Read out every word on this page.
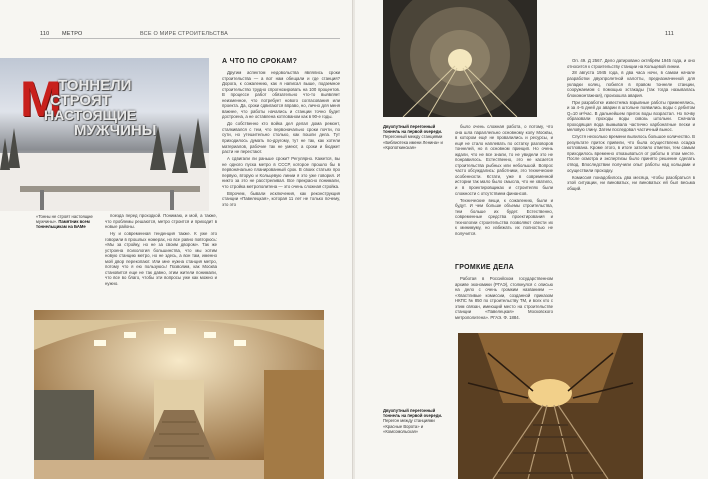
110 МЕТРО	ВСЕ О МИРЕ СТРОИТЕЛЬСТВА
M
ТОННЕЛИ
СТРОЯТ
НАСТОЯЩИЕ
МУЖЧИНЫ
А ЧТО ПО СРОКАМ?

Другим аспектом недовольства являлись сроки строительства — а вот нам обещали и где станция? Дорога, к сожалению, как я написал выше, подземное строительство трудно спрогнозировать на 100 процентов. В процессе работ обязательно что-то выявляет неизменное, что потребует нового согласования или проекта. Да, сроки сдвигаются вправо, но, лично для меня важнее, что работы начались и станции точно будет достроена, а не оставлена котлованом как в 90-е годы.

До собственно кто войка дел делал дома ремонт, сталкивался с тем, что первоначально сроки почти, по сути, но утешительно столько, как пошли дела. Тут приходилось думать по-другому, тут не так, как хотели материалов, рабочие так не умеют, а сроки и бюджет расти не перестают.

А сдвигали ли раньше сроки? Регулярно. Кажется, вы не одного пуска метро в СССР, которое прошло бы в первоначально планированный срок. В своих статьях про первую, вторую и Кольцевую линии я это уже говорил. И никто за это не расстреливал. Все прекрасно понимали, что стройка метрополитена — это очень сложная стройка.

Впрочем, бывали исключения, как реконструкция станции «Павелецкая», которая 11 лет не только почему, это это

«Тонны не строят настоящие мужчины». Памятник всем тоннельщикам на БАМе

поезда перед проходкой. Понимаю, и мой, а также, что проблемы решаются, метро строится и приходит в новые районы.

Ну и современная тенденция также. К уже это говорили в прошлых номерах, но все равно повторюсь: «Мы за стройку, но не за своим двором». Так же устроена психология большинства, что мы хотим новую станцию метро, но не здесь, а вон там, именно мой двор перекопают. Или мне нужна станция метро, потому что я ею пользуюсь! Позволим, как Москва становится еще не так давно, этим жители понимали, что все во благо, чтобы эти вопросы уже как можно и нужно.

111
Двухпутный перегонный тоннель на первой очереди. Перегонный между станциями «Библиотека имени Ленина» и «Кропоткинская»

было очень сложная работа, о потому, что она шла параллельно основному колу Москвы, в котором ещё не провалились и ресурсы, и ещё не стало наплевать по остатку разговоров тоннелей, но в основном принцип. Но очень ждали, что не все знали, то не увидели это не понравилось. Естественно, это не касается строительства рыбных или небольшой. Вопрос часто обсуждались: работники, это технические особенности. Кстати, уже в современной истории так мало было смысла, что не хватило, и в проектировщиках и строителях были сложности с отсутствием финансов.

Технические вещи, к сожалению, были и будут. И чем больше объемы строительства, тем больше их будет. Естественно, современные средства проектирования и технологии строительства позволяют свести их к минимуму, но избежать их полностью не получится.

ГРОМКИЕ ДЕЛА

Работая в Российском государственном архиве экономики (РГАЭ), столкнулся с описью на дело с очень громким названием — «Хвастливые комиссии, созданной приказом НКПС № 850 по строительству ТМ, и всех кто с этим связан, имеющий место на строительстве станции «Павелецкая» Московского метрополитена». РГАЭ. Ф. 1884.

Оп. 49. Д 2567. Дело датировано октябрём 1945 года, и оно относится к строительству станции на Кольцевой линии.

28 августа 1945 года, в два часа ночи, в самом начале разработки двухпролетной калотты, предназначенной для укладки колец, побился в правом тоннеле станции, сооружаемом с помощью эстакады (так тогда называлась блокомонтажная), произошла авария.

При разработке известняка взрывные работы применялись, и за 4–5 дней до аварии в штольне появились воды с дебитом Q=10 м³/час. В дальнейшем приток воды возрастал. Но почву образовали проходы воды сквозь штольни. Сначала проходящая вода вымывала частично карбонатные пески и меловую глину. Затем последовал частичный вынос.

Спустя несколько времени вылилось большое количество. В результате приток привели, что была осуществлена осадка котлована. Кроме этого, в итоге затопило отметки, тем самым приходилось временно отказываться от работы в этом месте. После осмотра и экспертизы было принято решение сделать отвод. Впоследствии получили опыт работы над кольцами и осуществили проходку.

Комиссия понадобилось два месяца, чтобы разобраться в этой ситуации, ни виноватых, ни виноватых ей был весьма общий.

Двухпутный перегонный тоннель на первой очереди. Перегон между станциями «Красные Ворота» и «Комсомольская»
